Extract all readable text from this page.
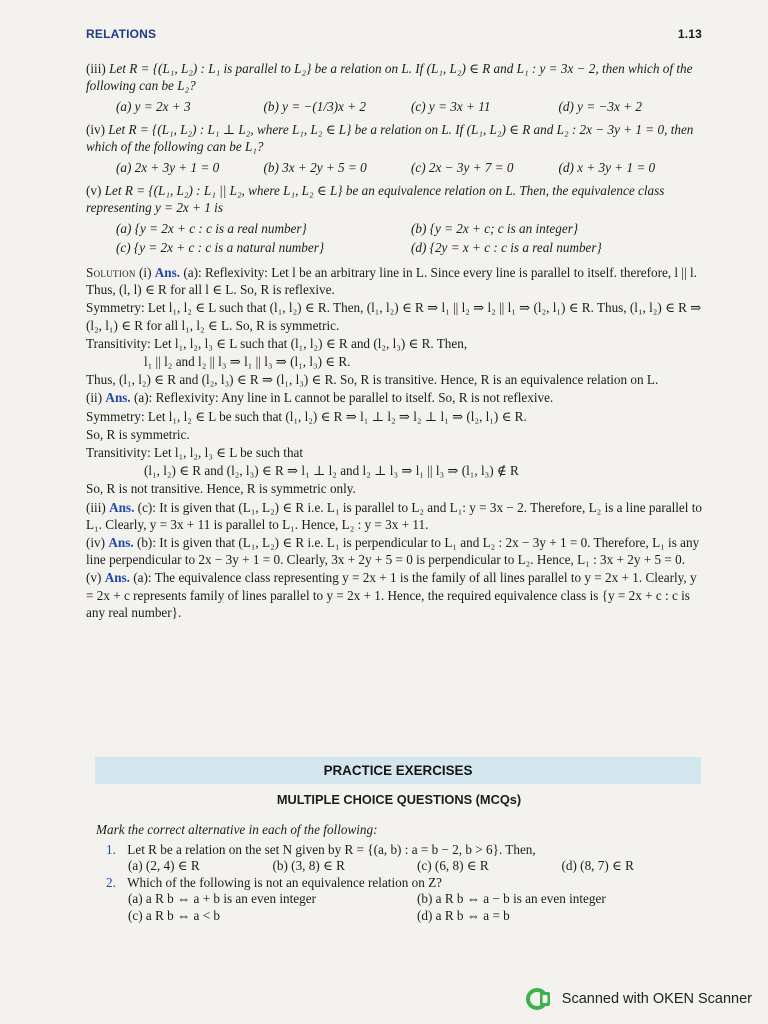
RELATIONS	1.13
(iii) Let R = {(L₁, L₂) : L₁ is parallel to L₂} be a relation on L. If (L₁, L₂) ∈ R and L₁ : y = 3x − 2, then which of the following can be L₂?
(a) y = 2x + 3	(b) y = −(1/3)x + 2	(c) y = 3x + 11	(d) y = −3x + 2
(iv) Let R = {(L₁, L₂) : L₁ ⊥ L₂, where L₁, L₂ ∈ L} be a relation on L. If (L₁, L₂) ∈ R and L₂ : 2x − 3y + 1 = 0, then which of the following can be L₁?
(a) 2x + 3y + 1 = 0	(b) 3x + 2y + 5 = 0	(c) 2x − 3y + 7 = 0	(d) x + 3y + 1 = 0
(v) Let R = {(L₁, L₂) : L₁ || L₂, where L₁, L₂ ∈ L} be an equivalence relation on L. Then, the equivalence class representing y = 2x + 1 is
(a) {y = 2x + c : c is a real number}	(b) {y = 2x + c; c is an integer}
(c) {y = 2x + c : c is a natural number}	(d) {2y = x + c : c is a real number}

Solution (i) Ans. (a): Reflexivity: Let l be an arbitrary line in L. Since every line is parallel to itself. therefore, l || l. Thus, (l, l) ∈ R for all l ∈ L. So, R is reflexive.

Symmetry: Let l₁, l₂ ∈ L such that (l₁, l₂) ∈ R. Then, (l₁, l₂) ∈ R ⇒ l₁ || l₂ ⇒ l₂ || l₁ ⇒ (l₂, l₁) ∈ R. Thus, (l₁, l₂) ∈ R ⇒ (l₂, l₁) ∈ R for all l₁, l₂ ∈ L. So, R is symmetric.

Transitivity: Let l₁, l₂, l₃ ∈ L such that (l₁, l₂) ∈ R and (l₂, l₃) ∈ R. Then,

l₁ || l₂ and l₂ || l₃ ⇒ l₁ || l₃ ⇒ (l₁, l₃) ∈ R.

Thus, (l₁, l₂) ∈ R and (l₂, l₃) ∈ R ⇒ (l₁, l₃) ∈ R. So, R is transitive. Hence, R is an equivalence relation on L.

(ii) Ans. (a): Reflexivity: Any line in L cannot be parallel to itself. So, R is not reflexive.

Symmetry: Let l₁, l₂ ∈ L be such that (l₁, l₂) ∈ R ⇒ l₁ ⊥ l₂ ⇒ l₂ ⊥ l₁ ⇒ (l₂, l₁) ∈ R.

So, R is symmetric.

Transitivity: Let l₁, l₂, l₃ ∈ L be such that

(l₁, l₂) ∈ R and (l₂, l₃) ∈ R ⇒ l₁ ⊥ l₂ and l₂ ⊥ l₃ ⇒ l₁ || l₃ ⇒ (l₁, l₃) ∉ R

So, R is not transitive. Hence, R is symmetric only.

(iii) Ans. (c): It is given that (L₁, L₂) ∈ R i.e. L₁ is parallel to L₂ and L₁: y = 3x − 2. Therefore, L₂ is a line parallel to L₁. Clearly, y = 3x + 11 is parallel to L₁. Hence, L₂ : y = 3x + 11.

(iv) Ans. (b): It is given that (L₁, L₂) ∈ R i.e. L₁ is perpendicular to L₁ and L₂ : 2x − 3y + 1 = 0. Therefore, L₁ is any line perpendicular to 2x − 3y + 1 = 0. Clearly, 3x + 2y + 5 = 0 is perpendicular to L₂. Hence, L₁ : 3x + 2y + 5 = 0.

(v) Ans. (a): The equivalence class representing y = 2x + 1 is the family of all lines parallel to y = 2x + 1. Clearly, y = 2x + c represents family of lines parallel to y = 2x + 1. Hence, the required equivalence class is {y = 2x + c : c is any real number}.

PRACTICE EXERCISES
MULTIPLE CHOICE QUESTIONS (MCQs)
Mark the correct alternative in each of the following:
1. Let R be a relation on the set N given by R = {(a, b) : a = b − 2, b > 6}. Then,
(a) (2, 4) ∈ R	(b) (3, 8) ∈ R	(c) (6, 8) ∈ R	(d) (8, 7) ∈ R
2. Which of the following is not an equivalence relation on Z?
(a) a R b ⇔ a + b is an even integer	(b) a R b ⇔ a − b is an even integer
(c) a R b ⇔ a < b	(d) a R b ⇔ a = b
Scanned with OKEN Scanner
